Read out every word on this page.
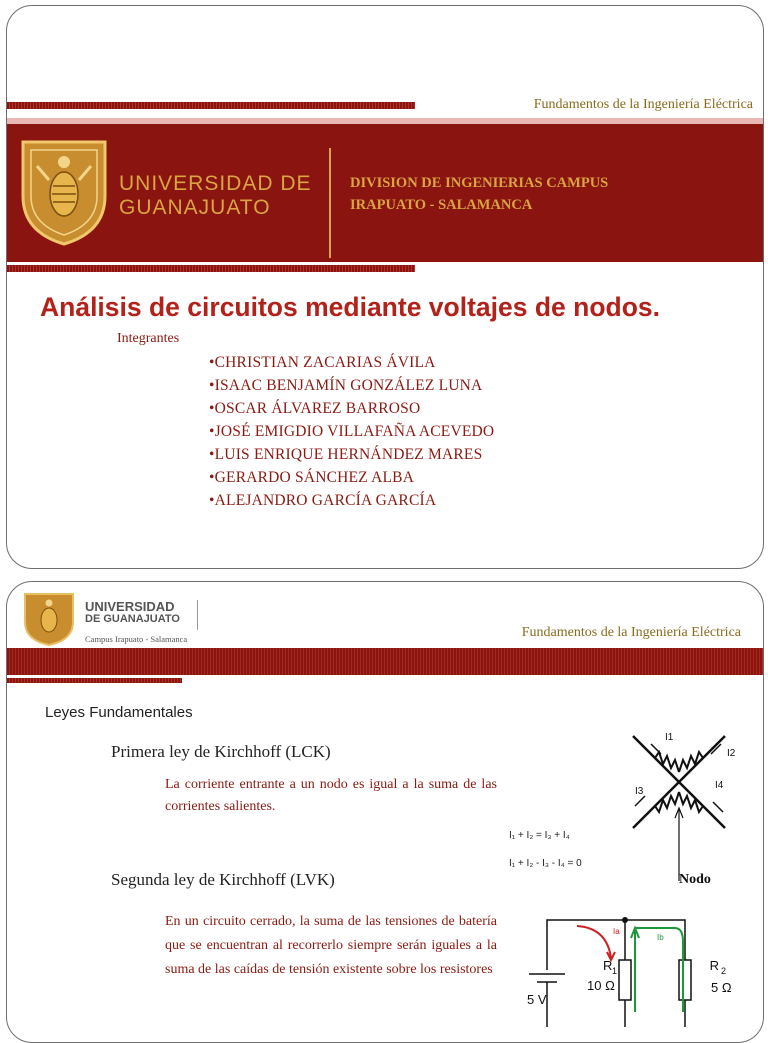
Fundamentos de la Ingeniería Eléctrica
UNIVERSIDAD DE
GUANAJUATO
DIVISION DE INGENIERIAS CAMPUS
IRAPUATO - SALAMANCA
Análisis de circuitos mediante voltajes de nodos.
Integrantes
•CHRISTIAN ZACARIAS ÁVILA
•ISAAC BENJAMÍN GONZÁLEZ LUNA
•OSCAR ÁLVAREZ BARROSO
•JOSÉ EMIGDIO VILLAFAÑA ACEVEDO
•LUIS ENRIQUE HERNÁNDEZ MARES
•GERARDO SÁNCHEZ ALBA
•ALEJANDRO GARCÍA GARCÍA
UNIVERSIDAD
DE GUANAJUATO
Campus Irapuato - Salamanca	Fundamentos de la Ingeniería Eléctrica
Leyes Fundamentales
Primera ley de Kirchhoff (LCK)
La corriente entrante a un nodo es igual a la suma de las corrientes salientes.
I₁ + I₂ = I₃ + I₄
I₁ + I₂ - I₃ - I₄ = 0
I1
I2
I3
I4
Nodo
Segunda ley de Kirchhoff (LVK)
En un circuito cerrado, la suma de las tensiones de batería que se encuentran al recorrerlo siempre serán iguales a la suma de las caídas de tensión existente sobre los resistores
5 V
R 1
10 Ω
R 2
5 Ω
Ia
Ib
